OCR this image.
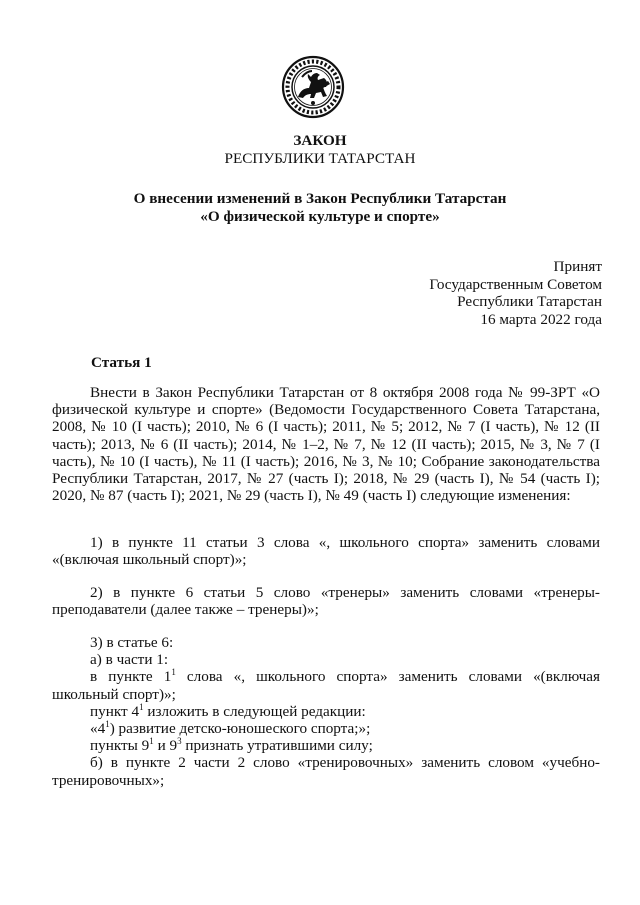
ЗАКОН
РЕСПУБЛИКИ ТАТАРСТАН
О внесении изменений в Закон Республики Татарстан
«О физической культуре и спорте»
Принят
Государственным Советом
Республики Татарстан
16 марта 2022 года
Статья 1

Внести в Закон Республики Татарстан от 8 октября 2008 года № 99-ЗРТ «О физической культуре и спорте» (Ведомости Государственного Совета Татарстана, 2008, № 10 (I часть); 2010, № 6 (I часть); 2011, № 5; 2012, № 7 (I часть), № 12 (II часть); 2013, № 6 (II часть); 2014, № 1–2, № 7, № 12 (II часть); 2015, № 3, № 7 (I часть), № 10 (I часть), № 11 (I часть); 2016, № 3, № 10; Собрание законодательства Республики Татарстан, 2017, № 27 (часть I); 2018, № 29 (часть I), № 54 (часть I); 2020, № 87 (часть I); 2021, № 29 (часть I), № 49 (часть I) следующие изменения:

1) в пункте 11 статьи 3 слова «, школьного спорта» заменить словами «(включая школьный спорт)»;

2) в пункте 6 статьи 5 слово «тренеры» заменить словами «тренеры-преподаватели (далее также – тренеры)»;

3) в статье 6:

а) в части 1:

в пункте $1^1$ слова «, школьного спорта» заменить словами «(включая школьный спорт)»;

пункт $4^1$ изложить в следующей редакции:

«$4^1$) развитие детско-юношеского спорта;»;

пункты $9^1$ и $9^3$ признать утратившими силу;

б) в пункте 2 части 2 слово «тренировочных» заменить словом «учебно-тренировочных»;
